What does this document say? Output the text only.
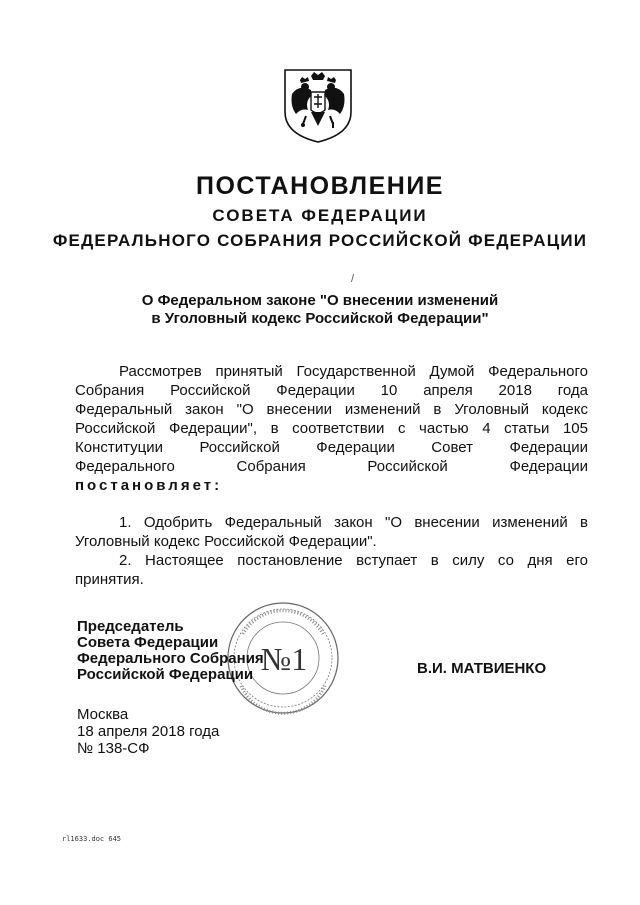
ПОСТАНОВЛЕНИЕ
СОВЕТА ФЕДЕРАЦИИ
ФЕДЕРАЛЬНОГО СОБРАНИЯ РОССИЙСКОЙ ФЕДЕРАЦИИ
/
О Федеральном законе "О внесении изменений
в Уголовный кодекс Российской Федерации"
Рассмотрев принятый Государственной Думой Федерального
Собрания Российской Федерации 10 апреля 2018 года
Федеральный закон "О внесении изменений в Уголовный кодекс
Российской Федерации", в соответствии с частью 4 статьи 105
Конституции Российской Федерации Совет Федерации
Федерального Собрания Российской Федерации
постановляет:
1. Одобрить Федеральный закон "О внесении изменений в
Уголовный кодекс Российской Федерации".
2. Настоящее постановление вступает в силу со дня его
принятия.
№1
Председатель
Совета Федерации
Федерального Собрания
Российской Федерации	В.И. МАТВИЕНКО
Москва
18 апреля 2018 года
№ 138-СФ
rl1633.doc 645
